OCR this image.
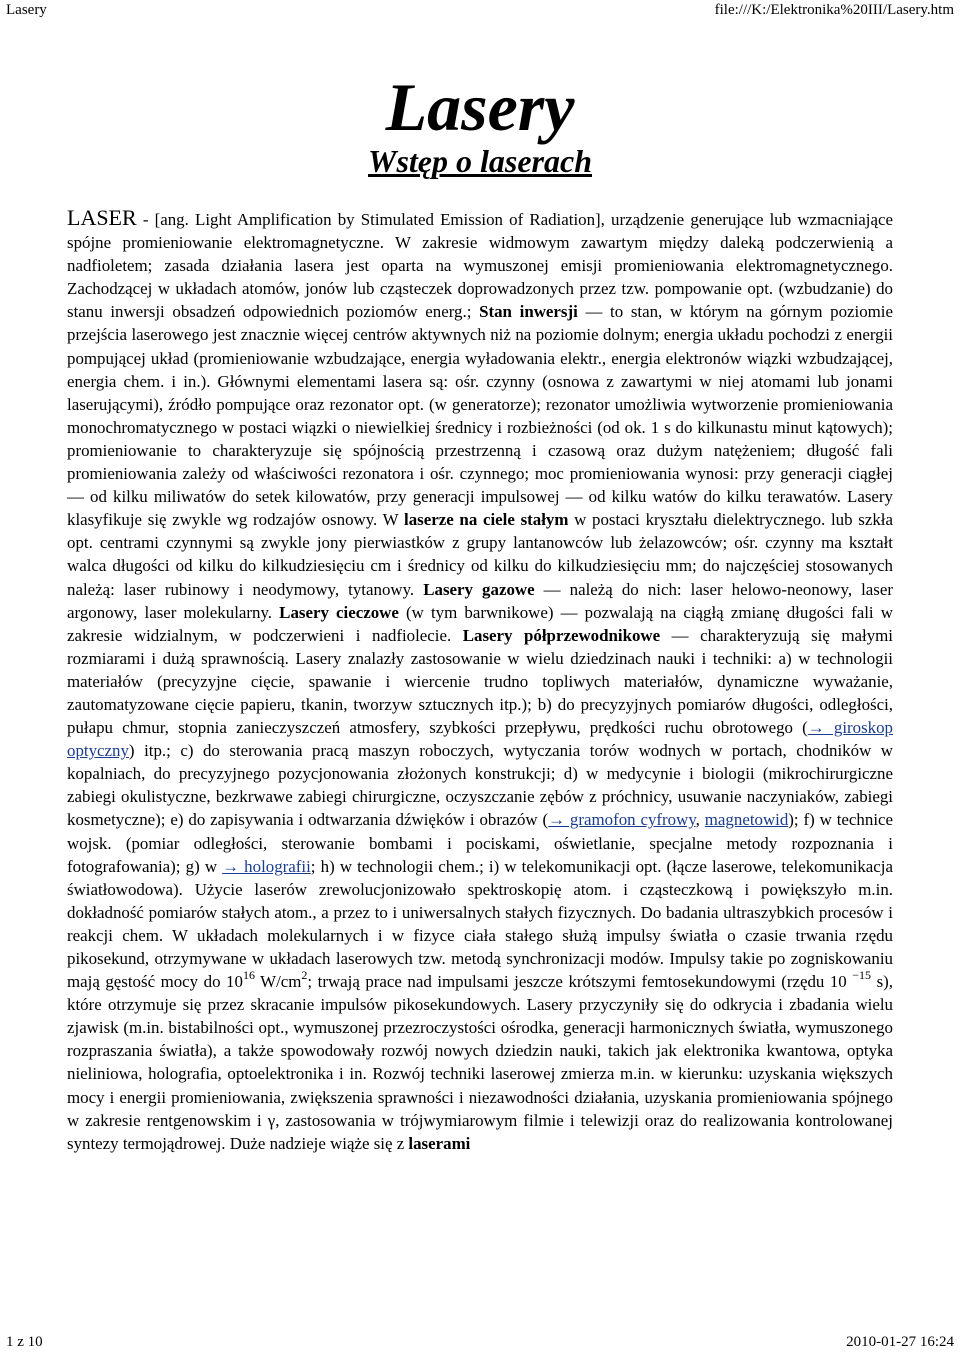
Lasery	file:///K:/Elektronika%20III/Lasery.htm
Lasery
Wstęp o laserach
LASER - [ang. Light Amplification by Stimulated Emission of Radiation], urządzenie generujące lub wzmacniające spójne promieniowanie elektromagnetyczne. W zakresie widmowym zawartym między daleką podczerwienią a nadfioletem; zasada działania lasera jest oparta na wymuszonej emisji promieniowania elektromagnetycznego. Zachodzącej w układach atomów, jonów lub cząsteczek doprowadzonych przez tzw. pompowanie opt. (wzbudzanie) do stanu inwersji obsadzeń odpowiednich poziomów energ.; Stan inwersji — to stan, w którym na górnym poziomie przejścia laserowego jest znacznie więcej centrów aktywnych niż na poziomie dolnym; energia układu pochodzi z energii pompującej układ (promieniowanie wzbudzające, energia wyładowania elektr., energia elektronów wiązki wzbudzającej, energia chem. i in.). Głównymi elementami lasera są: ośr. czynny (osnowa z zawartymi w niej atomami lub jonami laserującymi), źródło pompujące oraz rezonator opt. (w generatorze); rezonator umożliwia wytworzenie promieniowania monochromatycznego w postaci wiązki o niewielkiej średnicy i rozbieżności (od ok. 1 s do kilkunastu minut kątowych); promieniowanie to charakteryzuje się spójnością przestrzenną i czasową oraz dużym natężeniem; długość fali promieniowania zależy od właściwości rezonatora i ośr. czynnego; moc promieniowania wynosi: przy generacji ciągłej — od kilku miliwatów do setek kilowatów, przy generacji impulsowej — od kilku watów do kilku terawatów. Lasery klasyfikuje się zwykle wg rodzajów osnowy. W laserze na ciele stałym w postaci kryształu dielektrycznego. lub szkła opt. centrami czynnymi są zwykle jony pierwiastków z grupy lantanowców lub żelazowców; ośr. czynny ma kształt walca długości od kilku do kilkudziesięciu cm i średnicy od kilku do kilkudziesięciu mm; do najczęściej stosowanych należą: laser rubinowy i neodymowy, tytanowy. Lasery gazowe — należą do nich: laser helowo-neonowy, laser argonowy, laser molekularny. Lasery cieczowe (w tym barwnikowe) — pozwalają na ciągłą zmianę długości fali w zakresie widzialnym, w podczerwieni i nadfiolecie. Lasery półprzewodnikowe — charakteryzują się małymi rozmiarami i dużą sprawnością. Lasery znalazły zastosowanie w wielu dziedzinach nauki i techniki: a) w technologii materiałów (precyzyjne cięcie, spawanie i wiercenie trudno topliwych materiałów, dynamiczne wyważanie, zautomatyzowane cięcie papieru, tkanin, tworzyw sztucznych itp.); b) do precyzyjnych pomiarów długości, odległości, pułapu chmur, stopnia zanieczyszczeń atmosfery, szybkości przepływu, prędkości ruchu obrotowego (→ giroskop optyczny) itp.; c) do sterowania pracą maszyn roboczych, wytyczania torów wodnych w portach, chodników w kopalniach, do precyzyjnego pozycjonowania złożonych konstrukcji; d) w medycynie i biologii (mikrochirurgiczne zabiegi okulistyczne, bezkrwawe zabiegi chirurgiczne, oczyszczanie zębów z próchnicy, usuwanie naczyniaków, zabiegi kosmetyczne); e) do zapisywania i odtwarzania dźwięków i obrazów (→ gramofon cyfrowy, magnetowid); f) w technice wojsk. (pomiar odległości, sterowanie bombami i pociskami, oświetlanie, specjalne metody rozpoznania i fotografowania); g) w → holografii; h) w technologii chem.; i) w telekomunikacji opt. (łącze laserowe, telekomunikacja światłowodowa). Użycie laserów zrewolucjonizowało spektroskopię atom. i cząsteczkową i powiększyło m.in. dokładność pomiarów stałych atom., a przez to i uniwersalnych stałych fizycznych. Do badania ultraszybkich procesów i reakcji chem. W układach molekularnych i w fizyce ciała stałego służą impulsy światła o czasie trwania rzędu pikosekund, otrzymywane w układach laserowych tzw. metodą synchronizacji modów. Impulsy takie po zogniskowaniu mają gęstość mocy do $10^{16}$ $W/cm^2$; trwają prace nad impulsami jeszcze krótszymi femtosekundowymi (rzędu 10 $^{-15}$ s), które otrzymuje się przez skracanie impulsów pikosekundowych. Lasery przyczyniły się do odkrycia i zbadania wielu zjawisk (m.in. bistabilności opt., wymuszonej przezroczystości ośrodka, generacji harmonicznych światła, wymuszonego rozpraszania światła), a także spowodowały rozwój nowych dziedzin nauki, takich jak elektronika kwantowa, optyka nieliniowa, holografia, optoelektronika i in. Rozwój techniki laserowej zmierza m.in. w kierunku: uzyskania większych mocy i energii promieniowania, zwiększenia sprawności i niezawodności działania, uzyskania promieniowania spójnego w zakresie rentgenowskim i γ, zastosowania w trójwymiarowym filmie i telewizji oraz do realizowania kontrolowanej syntezy termojądrowej. Duże nadzieje wiąże się z laserami
1 z 10	2010-01-27 16:24
